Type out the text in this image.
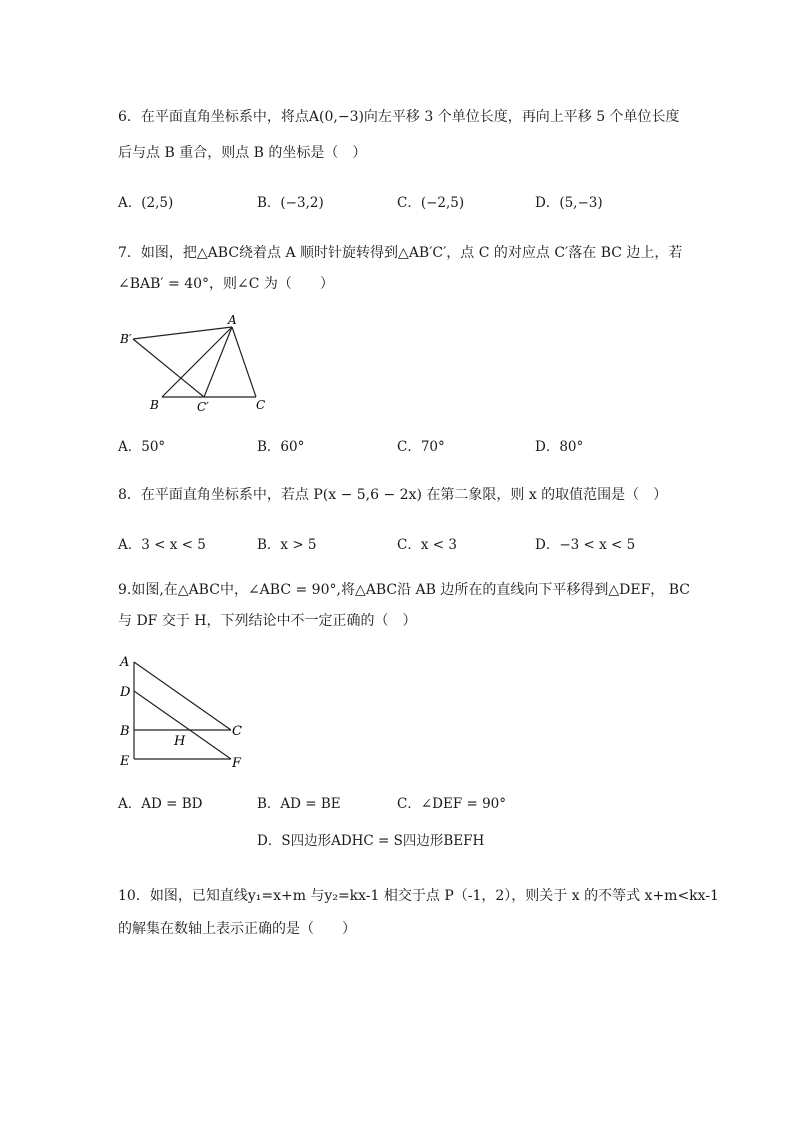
6．在平面直角坐标系中，将点A(0,−3)向左平移 3 个单位长度，再向上平移 5 个单位长度
后与点 B 重合，则点 B 的坐标是（　）
A．(2,5)	B．(−3,2)	C．(−2,5)	D．(5,−3)
7．如图，把△ABC绕着点 A 顺时针旋转得到△AB′C′，点 C 的对应点 C′落在 BC 边上，若
∠BAB′ = 40°，则∠C 为（　　）
A
B′
B	C′	C
A．50°	B．60°	C．70°	D．80°
8．在平面直角坐标系中，若点 P(x − 5,6 − 2x) 在第二象限，则 x 的取值范围是（　）
A．3 < x < 5	B．x > 5	C．x < 3	D．−3 < x < 5
9.如图,在△ABC中，∠ABC = 90°,将△ABC沿 AB 边所在的直线向下平移得到△DEF， BC
与 DF 交于 H，下列结论中不一定正确的（　）
A
D
B
H
C
E	F
A．AD = BD	B．AD = BE	C．∠DEF = 90°
D．S四边形ADHC = S四边形BEFH
10．如图，已知直线y₁=x+m 与y₂=kx-1 相交于点 P（-1，2），则关于 x 的不等式 x+m<kx-1
的解集在数轴上表示正确的是（　　）
